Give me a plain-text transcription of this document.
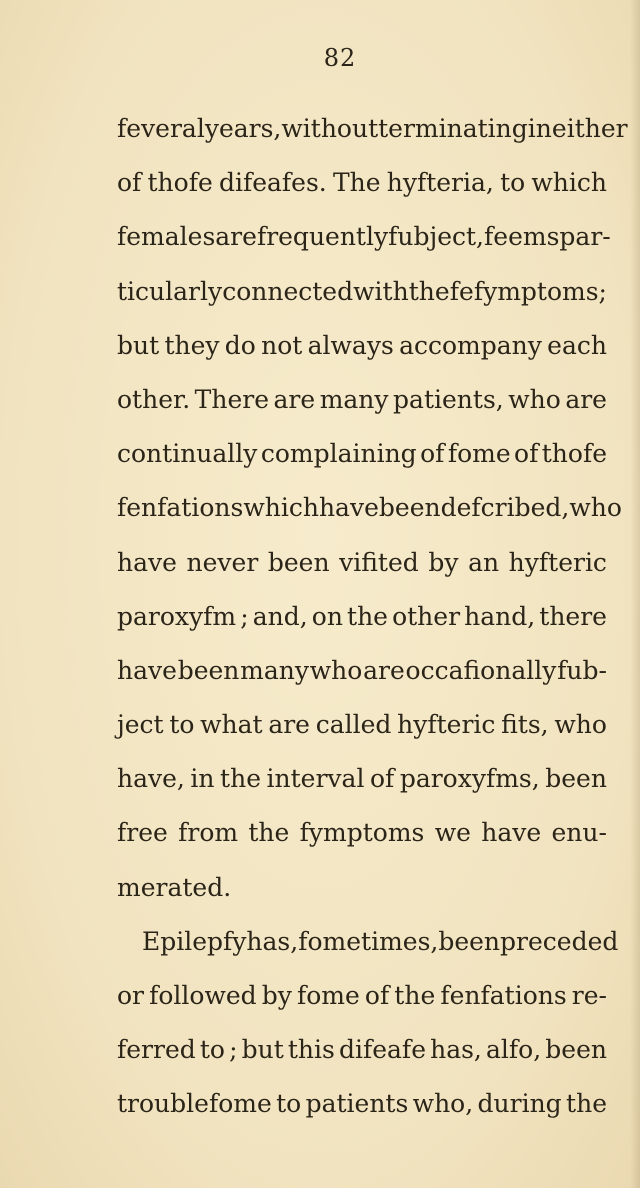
82
feveral years, without terminating in either
of thofe difeafes. The hyfteria, to which
females are frequently fubject, feems par-
ticularly connected with thefe fymptoms;
but they do not always accompany each
other. There are many patients, who are
continually complaining of fome of thofe
fenfations which have been defcribed, who
have never been vifited by an hyfteric
paroxyfm ; and, on the other hand, there
have been many who are occafionally fub-
ject to what are called hyfteric fits, who
have, in the interval of paroxyfms, been
free from the fymptoms we have enu-
merated.
Epilepfy has, fometimes, been preceded
or followed by fome of the fenfations re-
ferred to ; but this difeafe has, alfo, been
troublefome to patients who, during the
